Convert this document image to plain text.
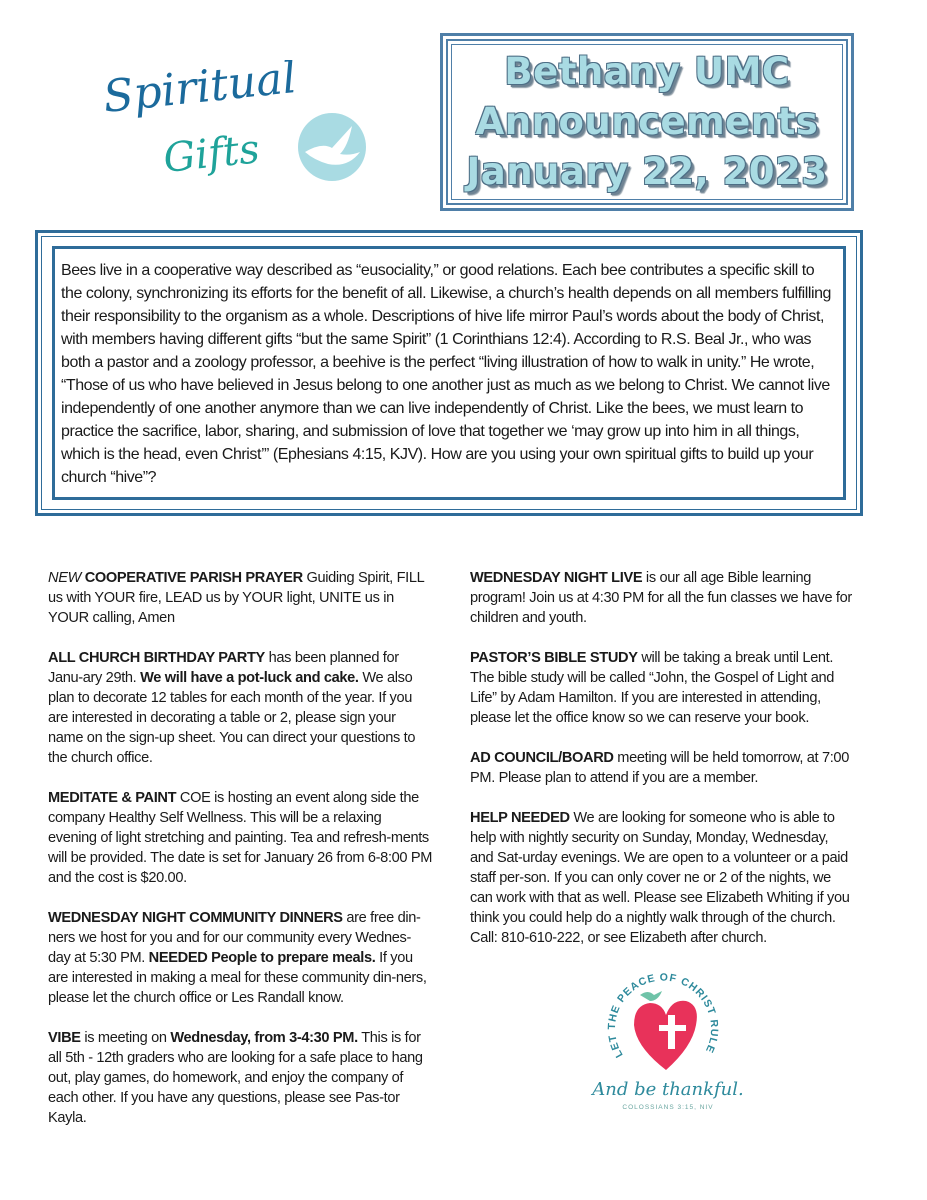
Spiritual
Gifts
Bethany UMC
Announcements
January 22, 2023

Bees live in a cooperative way described as “eusociality,” or good relations. Each bee contributes a specific skill to the colony, synchronizing its efforts for the benefit of all. Likewise, a church’s health depends on all members fulfilling their responsibility to the organism as a whole. Descriptions of hive life mirror Paul’s words about the body of Christ, with members having different gifts “but the same Spirit” (1 Corinthians 12:4). According to R.S. Beal Jr., who was both a pastor and a zoology professor, a beehive is the perfect “living illustration of how to walk in unity.” He wrote, “Those of us who have believed in Jesus belong to one another just as much as we belong to Christ. We cannot live independently of one another anymore than we can live independently of Christ. Like the bees, we must learn to practice the sacrifice, labor, sharing, and submission of love that together we ‘may grow up into him in all things, which is the head, even Christ’” (Ephesians 4:15, KJV). How are you using your own spiritual gifts to build up your church “hive”?

NEW COOPERATIVE PARISH PRAYER Guiding Spirit, FILL us with YOUR fire, LEAD us by YOUR light, UNITE us in YOUR calling, Amen

ALL CHURCH BIRTHDAY PARTY has been planned for Janu-ary 29th. We will have a pot-luck and cake. We also plan to decorate 12 tables for each month of the year. If you are interested in decorating a table or 2, please sign your name on the sign-up sheet. You can direct your questions to the church office.

MEDITATE & PAINT COE is hosting an event along side the company Healthy Self Wellness. This will be a relaxing evening of light stretching and painting. Tea and refresh-ments will be provided. The date is set for January 26 from 6-8:00 PM and the cost is $20.00.

WEDNESDAY NIGHT COMMUNITY DINNERS are free din-ners we host for you and for our community every Wednes-day at 5:30 PM. NEEDED People to prepare meals. If you are interested in making a meal for these community din-ners, please let the church office or Les Randall know.

VIBE is meeting on Wednesday, from 3-4:30 PM. This is for all 5th - 12th graders who are looking for a safe place to hang out, play games, do homework, and enjoy the company of each other. If you have any questions, please see Pas-tor Kayla.

WEDNESDAY NIGHT LIVE is our all age Bible learning program! Join us at 4:30 PM for all the fun classes we have for children and youth.

PASTOR’S BIBLE STUDY will be taking a break until Lent. The bible study will be called “John, the Gospel of Light and Life” by Adam Hamilton. If you are interested in attending, please let the office know so we can reserve your book.

AD COUNCIL/BOARD meeting will be held tomorrow, at 7:00 PM. Please plan to attend if you are a member.

HELP NEEDED We are looking for someone who is able to help with nightly security on Sunday, Monday, Wednesday, and Sat-urday evenings. We are open to a volunteer or a paid staff per-son. If you can only cover ne or 2 of the nights, we can work with that as well. Please see Elizabeth Whiting if you think you could help do a nightly walk through of the church. Call: 810-610-222, or see Elizabeth after church.

LET THE PEACE OF CHRIST RULE
And be thankful.
COLOSSIANS 3:15, NIV
